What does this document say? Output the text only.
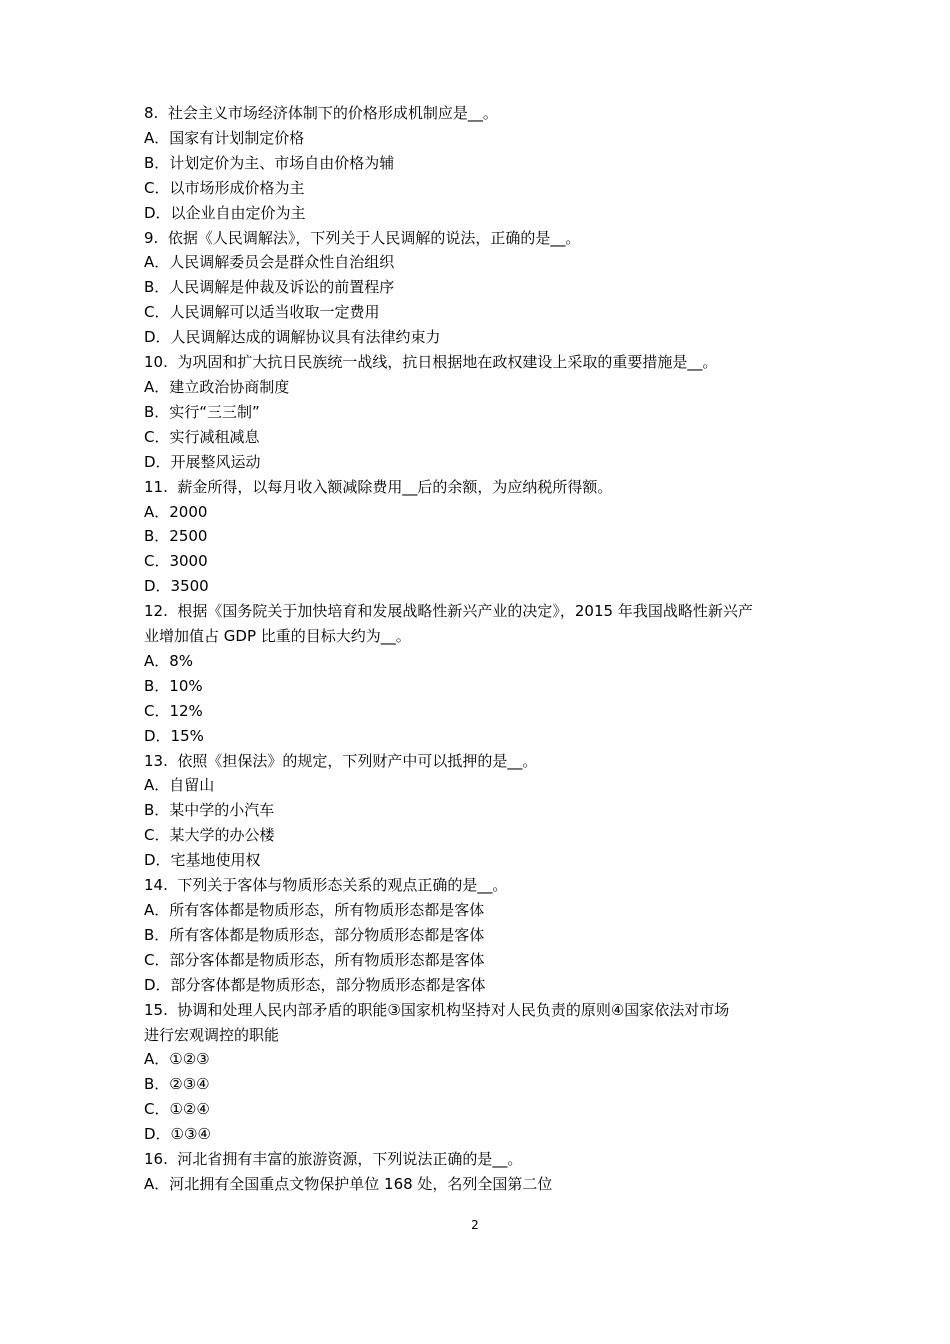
8.  社会主义市场经济体制下的价格形成机制应是__。
A．国家有计划制定价格
B．计划定价为主、市场自由价格为辅
C．以市场形成价格为主
D．以企业自由定价为主
9.  依据《人民调解法》，下列关于人民调解的说法，正确的是__。
A．人民调解委员会是群众性自治组织
B．人民调解是仲裁及诉讼的前置程序
C．人民调解可以适当收取一定费用
D．人民调解达成的调解协议具有法律约束力
10.  为巩固和扩大抗日民族统一战线，抗日根据地在政权建设上采取的重要措施是__。
A．建立政治协商制度
B．实行“三三制”
C．实行减租减息
D．开展整风运动
11.  薪金所得，以每月收入额减除费用__后的余额，为应纳税所得额。
A．2000
B．2500
C．3000
D．3500
12.  根据《国务院关于加快培育和发展战略性新兴产业的决定》，2015 年我国战略性新兴产
业增加值占 GDP 比重的目标大约为__。
A．8%
B．10%
C．12%
D．15%
13.  依照《担保法》的规定，下列财产中可以抵押的是__。
A．自留山
B．某中学的小汽车
C．某大学的办公楼
D．宅基地使用权
14.  下列关于客体与物质形态关系的观点正确的是__。
A．所有客体都是物质形态，所有物质形态都是客体
B．所有客体都是物质形态，部分物质形态都是客体
C．部分客体都是物质形态，所有物质形态都是客体
D．部分客体都是物质形态，部分物质形态都是客体
15.  协调和处理人民内部矛盾的职能③国家机构坚持对人民负责的原则④国家依法对市场
进行宏观调控的职能
A．①②③
B．②③④
C．①②④
D．①③④
16.  河北省拥有丰富的旅游资源，下列说法正确的是__。
A．河北拥有全国重点文物保护单位 168 处，名列全国第二位
2
